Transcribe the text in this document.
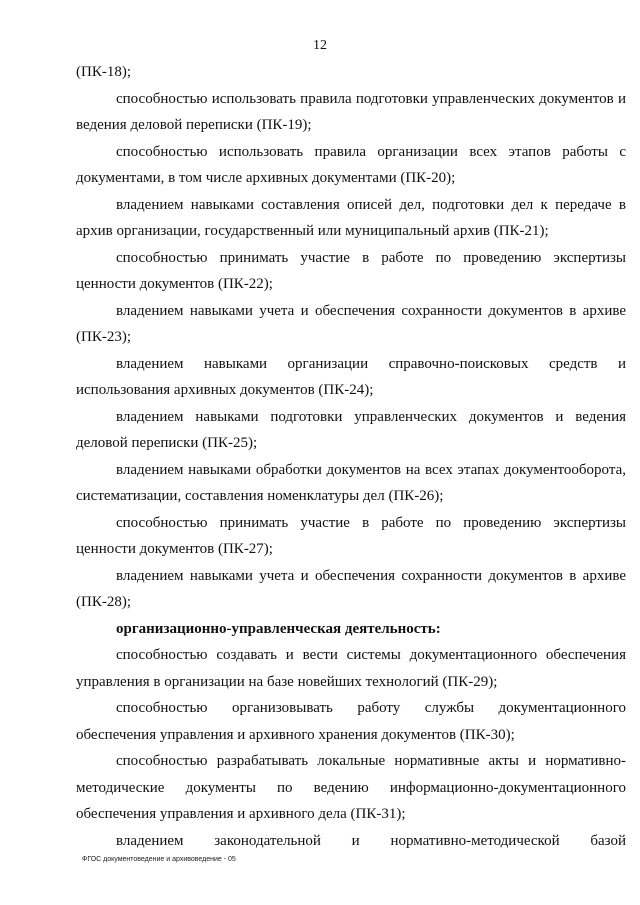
12

(ПК-18);

способностью использовать правила подготовки управленческих документов и ведения деловой переписки (ПК-19);

способностью использовать правила организации всех этапов работы с документами, в том числе архивных документами (ПК-20);

владением навыками составления описей дел, подготовки дел к передаче в архив организации, государственный или муниципальный архив (ПК-21);

способностью принимать участие в работе по проведению экспертизы ценности документов (ПК-22);

владением навыками учета и обеспечения сохранности документов в архиве (ПК-23);

владением навыками организации справочно-поисковых средств и использования архивных документов (ПК-24);

владением навыками подготовки управленческих документов и ведения деловой переписки (ПК-25);

владением навыками обработки документов на всех этапах документооборота, систематизации, составления номенклатуры дел (ПК-26);

способностью принимать участие в работе по проведению экспертизы ценности документов (ПК-27);

владением навыками учета и обеспечения сохранности документов в архиве (ПК-28);

организационно-управленческая деятельность:

способностью создавать и вести системы документационного обеспечения управления в организации на базе новейших технологий (ПК-29);

способностью организовывать работу службы документационного обеспечения управления и архивного хранения документов (ПК-30);

способностью разрабатывать локальные нормативные акты и нормативно-методические документы по ведению информационно-документационного обеспечения управления и архивного дела (ПК-31);

владением законодательной и нормативно-методической базой

ФГОС документоведение и архивоведение - 05
